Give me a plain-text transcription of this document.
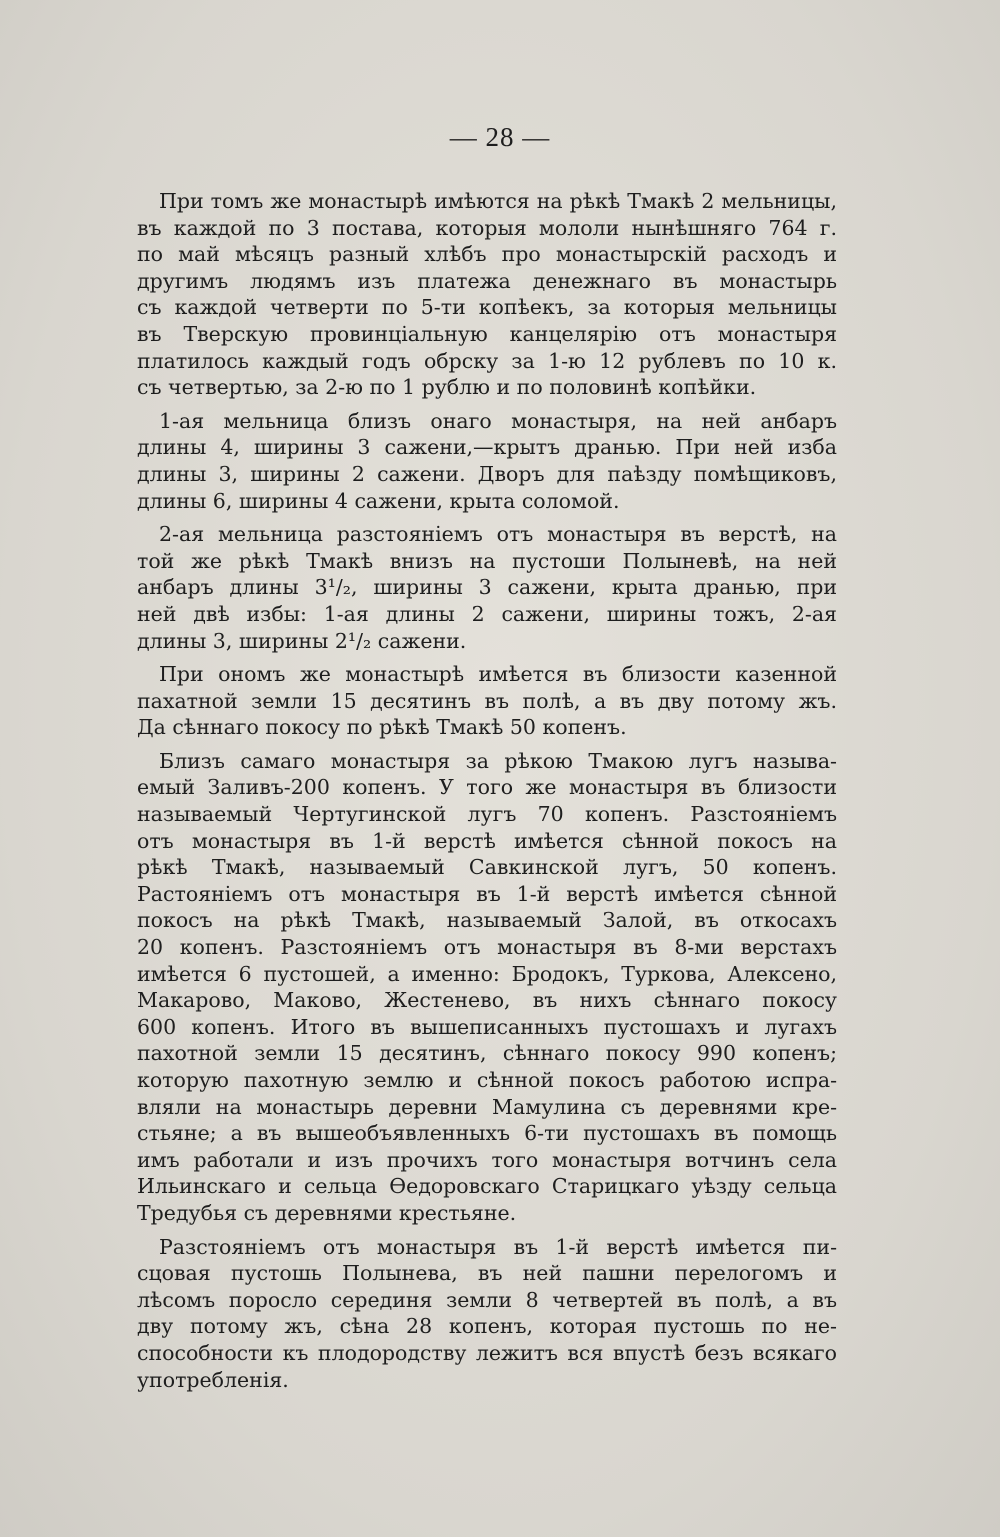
— 28 —
При томъ же монастырѣ имѣются на рѣкѣ Тмакѣ 2 мельницы,
въ каждой по 3 постава, которыя мололи нынѣшняго 764 г.
по май мѣсяцъ разный хлѣбъ про монастырскій расходъ и
другимъ людямъ изъ платежа денежнаго въ монастырь
съ каждой четверти по 5-ти копѣекъ, за которыя мельницы
въ Тверскую провинціальную канцелярію отъ монастыря
платилось каждый годъ обрску за 1-ю 12 рублевъ по 10 к.
съ четвертью, за 2-ю по 1 рублю и по половинѣ копѣйки.
1-ая мельница близъ онаго монастыря, на ней анбаръ
длины 4, ширины 3 сажени,—крытъ дранью. При ней изба
длины 3, ширины 2 сажени. Дворъ для паѣзду помѣщиковъ,
длины 6, ширины 4 сажени, крыта соломой.
2-ая мельница разстояніемъ отъ монастыря въ верстѣ, на
той же рѣкѣ Тмакѣ внизъ на пустоши Полыневѣ, на ней
анбаръ длины 3¹/₂, ширины 3 сажени, крыта дранью, при
ней двѣ избы: 1-ая длины 2 сажени, ширины тожъ, 2-ая
длины 3, ширины 2¹/₂ сажени.
При ономъ же монастырѣ имѣется въ близости казенной
пахатной земли 15 десятинъ въ полѣ, а въ дву потому жъ.
Да сѣннаго покосу по рѣкѣ Тмакѣ 50 копенъ.
Близъ самаго монастыря за рѣкою Тмакою лугъ называ-
емый Заливъ-200 копенъ. У того же монастыря въ близости
называемый Чертугинской лугъ 70 копенъ. Разстояніемъ
отъ монастыря въ 1-й верстѣ имѣется сѣнной покосъ на
рѣкѣ Тмакѣ, называемый Савкинской лугъ, 50 копенъ.
Растояніемъ отъ монастыря въ 1-й верстѣ имѣется сѣнной
покосъ на рѣкѣ Тмакѣ, называемый Залой, въ откосахъ
20 копенъ. Разстояніемъ отъ монастыря въ 8-ми верстахъ
имѣется 6 пустошей, а именно: Бродокъ, Туркова, Алексено,
Макарово, Маково, Жестенево, въ нихъ сѣннаго покосу
600 копенъ. Итого въ вышеписанныхъ пустошахъ и лугахъ
пахотной земли 15 десятинъ, сѣннаго покосу 990 копенъ;
которую пахотную землю и сѣнной покосъ работою испра-
вляли на монастырь деревни Мамулина съ деревнями кре-
стьяне; а въ вышеобъявленныхъ 6-ти пустошахъ въ помощь
имъ работали и изъ прочихъ того монастыря вотчинъ села
Ильинскаго и сельца Ѳедоровскаго Старицкаго уѣзду сельца
Тредубья съ деревнями крестьяне.
Разстояніемъ отъ монастыря въ 1-й верстѣ имѣется пи-
сцовая пустошь Полынева, въ ней пашни перелогомъ и
лѣсомъ поросло серединя земли 8 четвертей въ полѣ, а въ
дву потому жъ, сѣна 28 копенъ, которая пустошь по не-
способности къ плодородству лежитъ вся впустѣ безъ всякаго
употребленія.
